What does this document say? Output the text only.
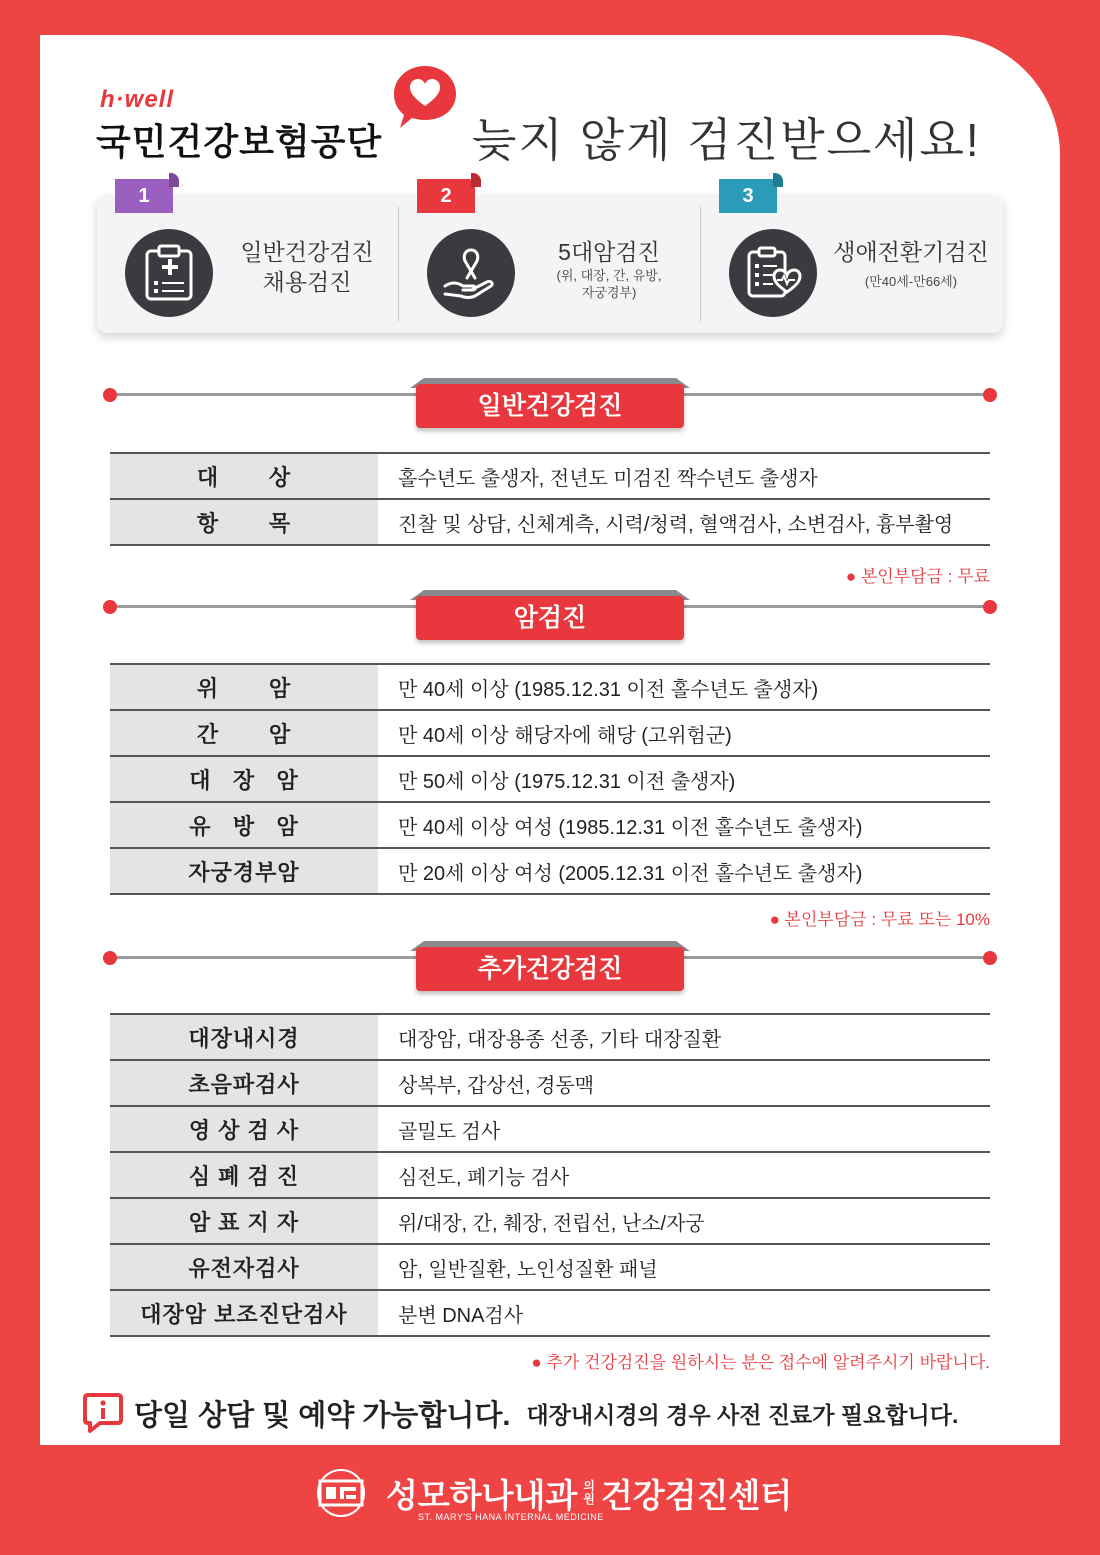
h·well
국민건강보험공단 늦지 않게 검진받으세요!
1
일반건강검진
채용검진
2
5대암검진
(위, 대장, 간, 유방,
자궁경부)
3
생애전환기검진
(만40세-만66세)
일반건강검진
대       상	홀수년도 출생자, 전년도 미검진 짝수년도 출생자
항       목	진찰 및 상담, 신체계측, 시력/청력, 혈액검사, 소변검사, 흉부촬영
● 본인부담금 : 무료
암검진
위       암	만 40세 이상 (1985.12.31 이전 홀수년도 출생자)
간       암	만 40세 이상 해당자에 해당 (고위험군)
대   장   암	만 50세 이상 (1975.12.31 이전 출생자)
유   방   암	만 40세 이상 여성 (1985.12.31 이전 홀수년도 출생자)
자궁경부암	만 20세 이상 여성 (2005.12.31 이전 홀수년도 출생자)
● 본인부담금 : 무료 또는 10%
추가건강검진
대장내시경	대장암, 대장용종 선종, 기타 대장질환
초음파검사	상복부, 갑상선, 경동맥
영 상 검 사	골밀도 검사
심 폐 검 진	심전도, 폐기능 검사
암 표 지 자	위/대장, 간, 췌장, 전립선, 난소/자궁
유전자검사	암, 일반질환, 노인성질환 패널
대장암 보조진단검사	분변 DNA검사
● 추가 건강검진을 원하시는 분은 접수에 알려주시기 바랍니다.
당일 상담 및 예약 가능합니다. 대장내시경의 경우 사전 진료가 필요합니다.
성모하나내과 의
원 건강검진센터
ST. MARY'S HANA INTERNAL MEDICINE
